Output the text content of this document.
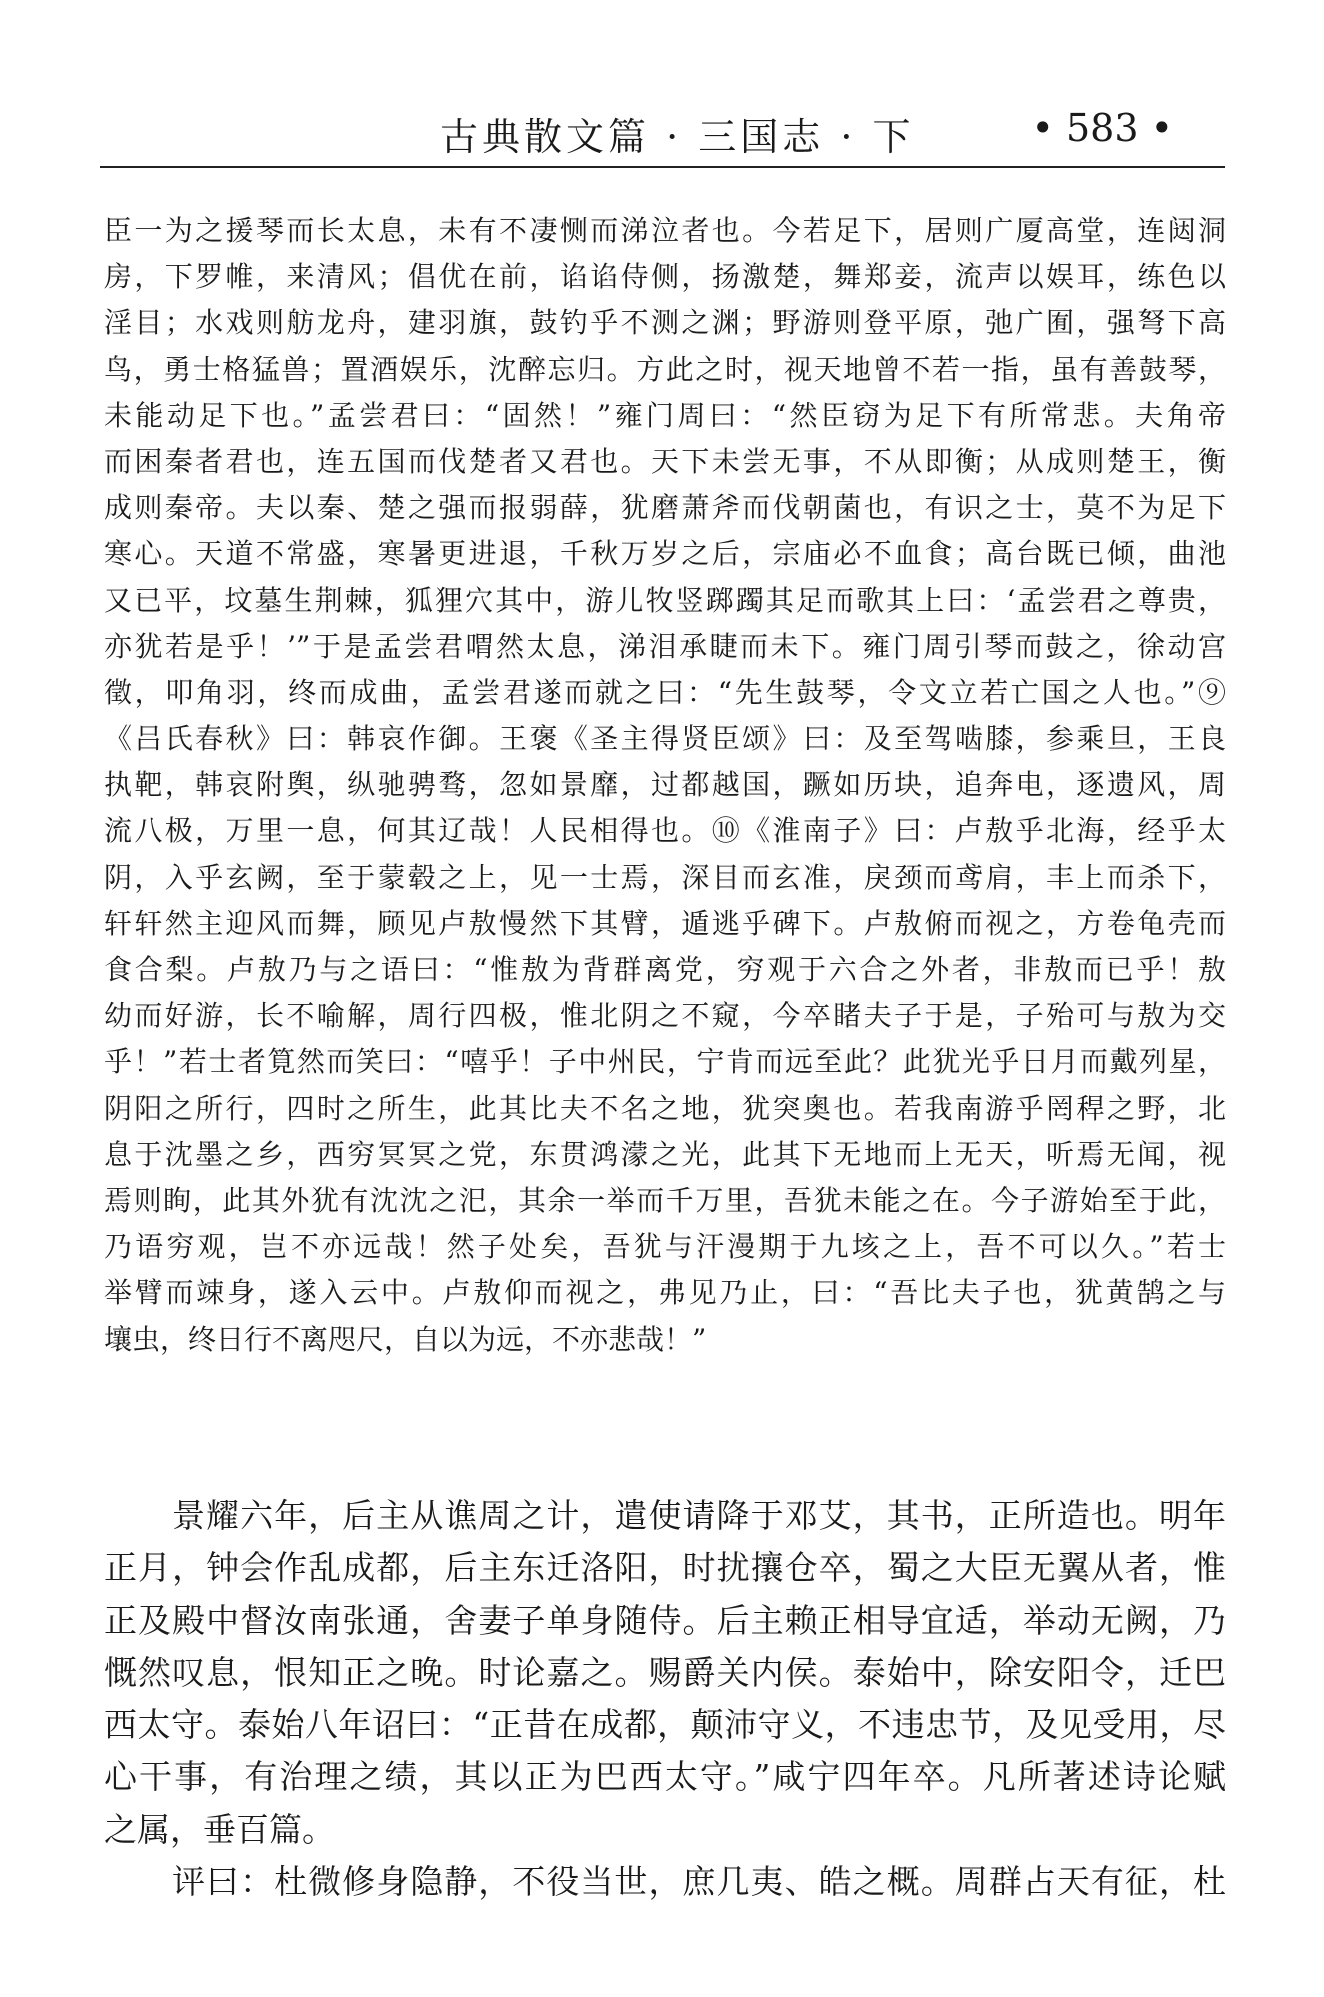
古典散文篇 · 三国志 · 下	• 583 •
臣一为之援琴而长太息，未有不凄恻而涕泣者也。今若足下，居则广厦高堂，连闼洞
房，下罗帷，来清风；倡优在前，谄谄侍侧，扬激楚，舞郑妾，流声以娱耳，练色以
淫目；水戏则舫龙舟，建羽旗，鼓钓乎不测之渊；野游则登平原，弛广囿，强弩下高
鸟，勇士格猛兽；置酒娱乐，沈醉忘归。方此之时，视天地曾不若一指，虽有善鼓琴，
未能动足下也。”孟尝君曰：“固然！”雍门周曰：“然臣窃为足下有所常悲。夫角帝
而困秦者君也，连五国而伐楚者又君也。天下未尝无事，不从即衡；从成则楚王，衡
成则秦帝。夫以秦、楚之强而报弱薛，犹磨萧斧而伐朝菌也，有识之士，莫不为足下
寒心。天道不常盛，寒暑更进退，千秋万岁之后，宗庙必不血食；高台既已倾，曲池
又已平，坟墓生荆棘，狐狸穴其中，游儿牧竖踯躅其足而歌其上曰：‘孟尝君之尊贵，
亦犹若是乎！’”于是孟尝君喟然太息，涕泪承睫而未下。雍门周引琴而鼓之，徐动宫
徵，叩角羽，终而成曲，孟尝君遂而就之曰：“先生鼓琴，令文立若亡国之人也。”⑨
《吕氏春秋》曰：韩哀作御。王褒《圣主得贤臣颂》曰：及至驾啮膝，参乘旦，王良
执靶，韩哀附舆，纵驰骋骛，忽如景靡，过都越国，蹶如历块，追奔电，逐遗风，周
流八极，万里一息，何其辽哉！人民相得也。⑩《淮南子》曰：卢敖乎北海，经乎太
阴，入乎玄阙，至于蒙毂之上，见一士焉，深目而玄准，戾颈而鸢肩，丰上而杀下，
轩轩然主迎风而舞，顾见卢敖慢然下其臂，遁逃乎碑下。卢敖俯而视之，方卷龟壳而
食合梨。卢敖乃与之语曰：“惟敖为背群离党，穷观于六合之外者，非敖而已乎！敖
幼而好游，长不喻解，周行四极，惟北阴之不窥，今卒睹夫子于是，子殆可与敖为交
乎！”若士者筧然而笑曰：“嘻乎！子中州民，宁肯而远至此？此犹光乎日月而戴列星，
阴阳之所行，四时之所生，此其比夫不名之地，犹突奥也。若我南游乎罔稈之野，北
息于沈墨之乡，西穷冥冥之党，东贯鸿濛之光，此其下无地而上无天，听焉无闻，视
焉则眴，此其外犹有沈沈之汜，其余一举而千万里，吾犹未能之在。今子游始至于此，
乃语穷观，岂不亦远哉！然子处矣，吾犹与汗漫期于九垓之上，吾不可以久。”若士
举臂而竦身，遂入云中。卢敖仰而视之，弗见乃止，曰：“吾比夫子也，犹黄鹄之与
壤虫，终日行不离咫尺，自以为远，不亦悲哉！”
景耀六年，后主从谯周之计，遣使请降于邓艾，其书，正所造也。明年
正月，钟会作乱成都，后主东迁洛阳，时扰攘仓卒，蜀之大臣无翼从者，惟
正及殿中督汝南张通，舍妻子单身随侍。后主赖正相导宜适，举动无阙，乃
慨然叹息，恨知正之晚。时论嘉之。赐爵关内侯。泰始中，除安阳令，迁巴
西太守。泰始八年诏曰：“正昔在成都，颠沛守义，不违忠节，及见受用，尽
心干事，有治理之绩，其以正为巴西太守。”咸宁四年卒。凡所著述诗论赋
之属，垂百篇。
评曰：杜微修身隐静，不役当世，庶几夷、皓之概。周群占天有征，杜
